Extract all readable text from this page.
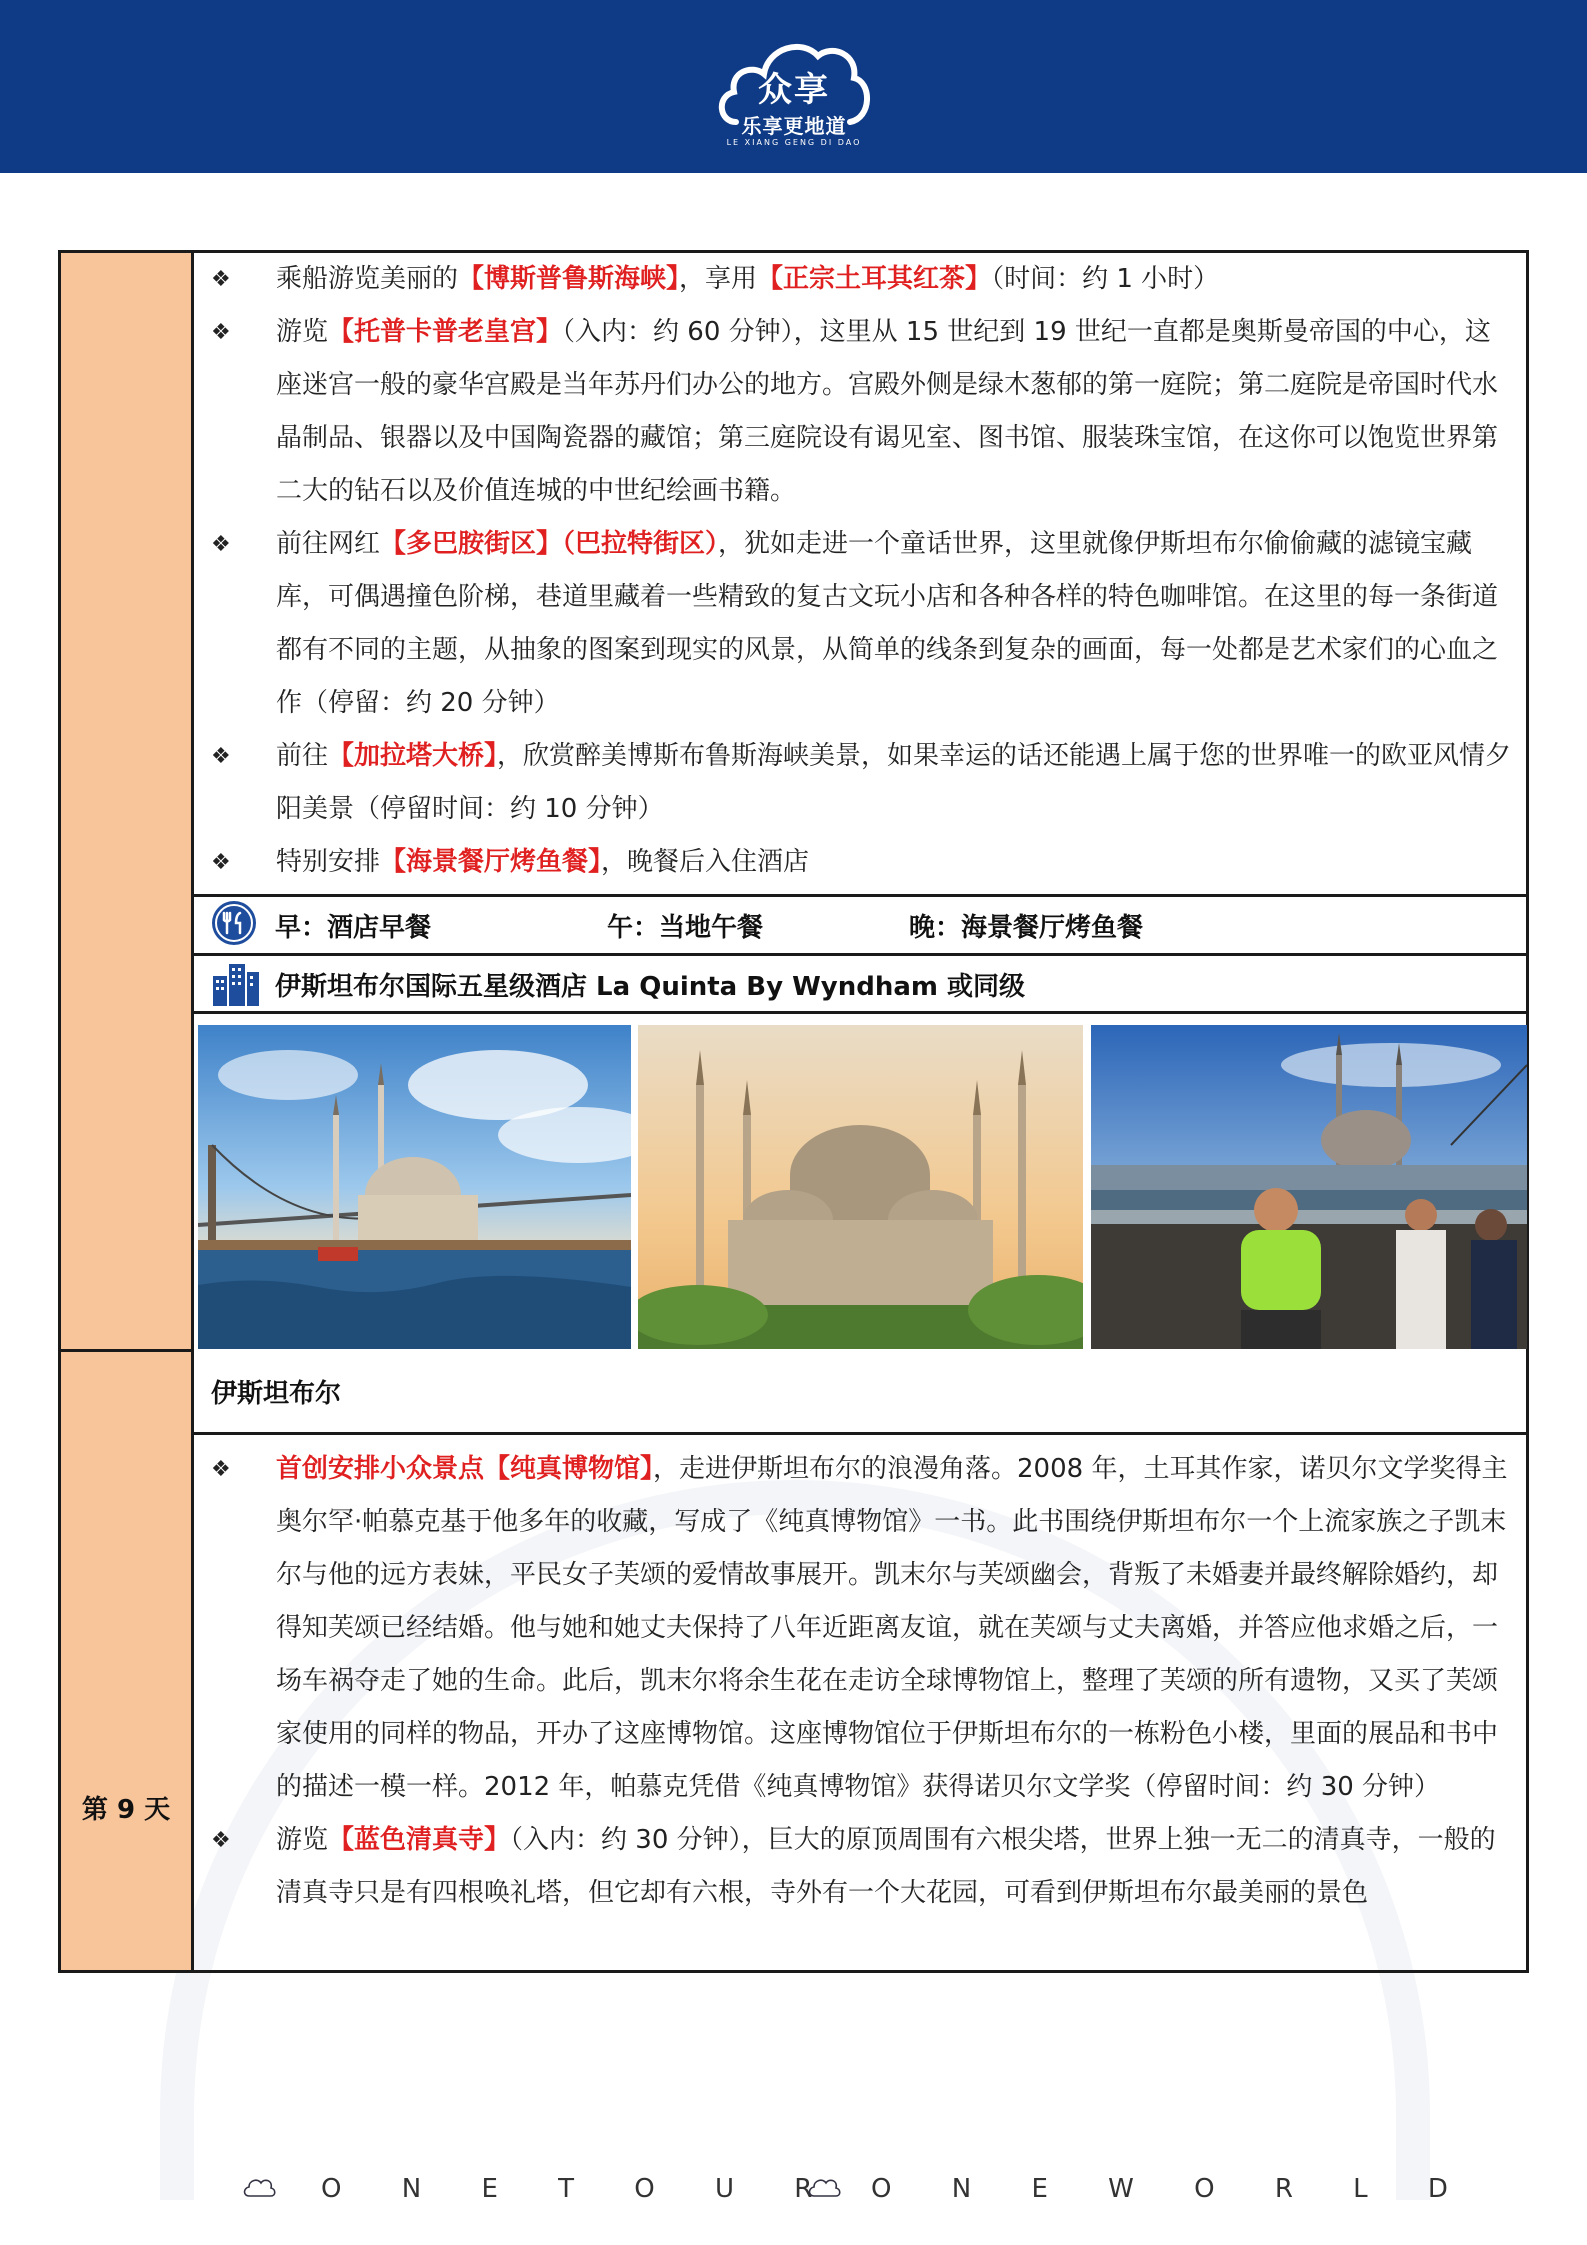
众享
乐享更地道
LE XIANG GENG DI DAO
第 9 天
❖ 乘船游览美丽的【博斯普鲁斯海峡】，享用【正宗土耳其红茶】（时间：约 1 小时）
❖ 游览【托普卡普老皇宫】（入内：约 60 分钟），这里从 15 世纪到 19 世纪一直都是奥斯曼帝国的中心，这座迷宫一般的豪华宫殿是当年苏丹们办公的地方。宫殿外侧是绿木葱郁的第一庭院；第二庭院是帝国时代水晶制品、银器以及中国陶瓷器的藏馆；第三庭院设有谒见室、图书馆、服装珠宝馆，在这你可以饱览世界第二大的钻石以及价值连城的中世纪绘画书籍。
❖ 前往网红【多巴胺街区】（巴拉特街区），犹如走进一个童话世界，这里就像伊斯坦布尔偷偷藏的滤镜宝藏库，可偶遇撞色阶梯，巷道里藏着一些精致的复古文玩小店和各种各样的特色咖啡馆。在这里的每一条街道都有不同的主题，从抽象的图案到现实的风景，从简单的线条到复杂的画面，每一处都是艺术家们的心血之作（停留：约 20 分钟）
❖ 前往【加拉塔大桥】，欣赏醉美博斯布鲁斯海峡美景，如果幸运的话还能遇上属于您的世界唯一的欧亚风情夕阳美景（停留时间：约 10 分钟）
❖ 特别安排【海景餐厅烤鱼餐】，晚餐后入住酒店
早：酒店早餐	午：当地午餐	晚：海景餐厅烤鱼餐
伊斯坦布尔国际五星级酒店 La Quinta By Wyndham 或同级
伊斯坦布尔
❖ 首创安排小众景点【纯真博物馆】，走进伊斯坦布尔的浪漫角落。2008 年，土耳其作家，诺贝尔文学奖得主奥尔罕·帕慕克基于他多年的收藏，写成了《纯真博物馆》一书。此书围绕伊斯坦布尔一个上流家族之子凯末尔与他的远方表妹，平民女子芙颂的爱情故事展开。凯末尔与芙颂幽会，背叛了未婚妻并最终解除婚约，却得知芙颂已经结婚。他与她和她丈夫保持了八年近距离友谊，就在芙颂与丈夫离婚，并答应他求婚之后，一场车祸夺走了她的生命。此后，凯末尔将余生花在走访全球博物馆上，整理了芙颂的所有遗物，又买了芙颂家使用的同样的物品，开办了这座博物馆。这座博物馆位于伊斯坦布尔的一栋粉色小楼，里面的展品和书中的描述一模一样。2012 年，帕慕克凭借《纯真博物馆》获得诺贝尔文学奖（停留时间：约 30 分钟）
❖ 游览【蓝色清真寺】（入内：约 30 分钟），巨大的原顶周围有六根尖塔，世界上独一无二的清真寺，一般的清真寺只是有四根唤礼塔，但它却有六根，寺外有一个大花园，可看到伊斯坦布尔最美丽的景色
O N E T O U R O N E W O R L D
